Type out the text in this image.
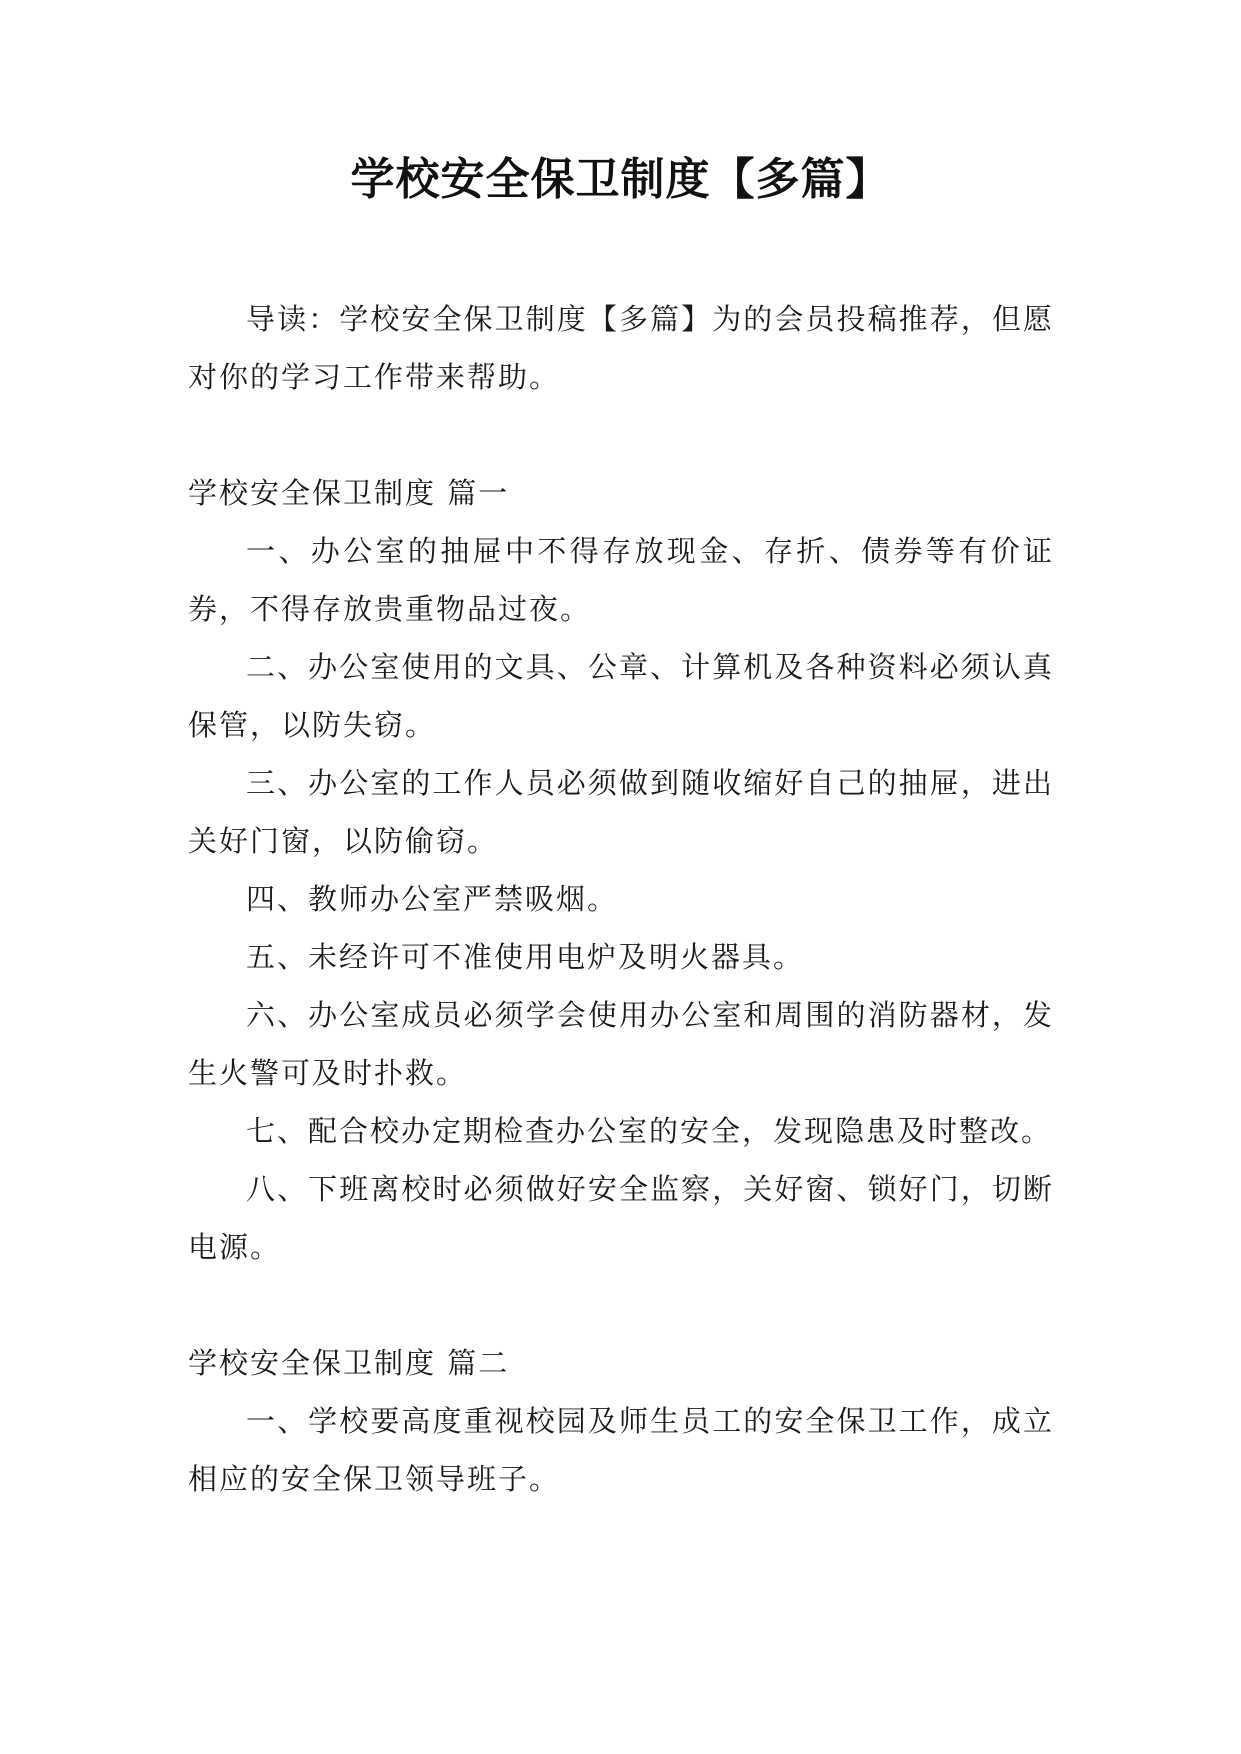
学校安全保卫制度【多篇】

导读：学校安全保卫制度【多篇】为的会员投稿推荐，但愿对你的学习工作带来帮助。

学校安全保卫制度 篇一

一、办公室的抽屉中不得存放现金、存折、债券等有价证券，不得存放贵重物品过夜。

二、办公室使用的文具、公章、计算机及各种资料必须认真保管，以防失窃。

三、办公室的工作人员必须做到随收缩好自己的抽屉，进出关好门窗，以防偷窃。

四、教师办公室严禁吸烟。

五、未经许可不准使用电炉及明火器具。

六、办公室成员必须学会使用办公室和周围的消防器材，发生火警可及时扑救。

七、配合校办定期检查办公室的安全，发现隐患及时整改。

八、下班离校时必须做好安全监察，关好窗、锁好门，切断电源。

学校安全保卫制度 篇二

一、学校要高度重视校园及师生员工的安全保卫工作，成立相应的安全保卫领导班子。
